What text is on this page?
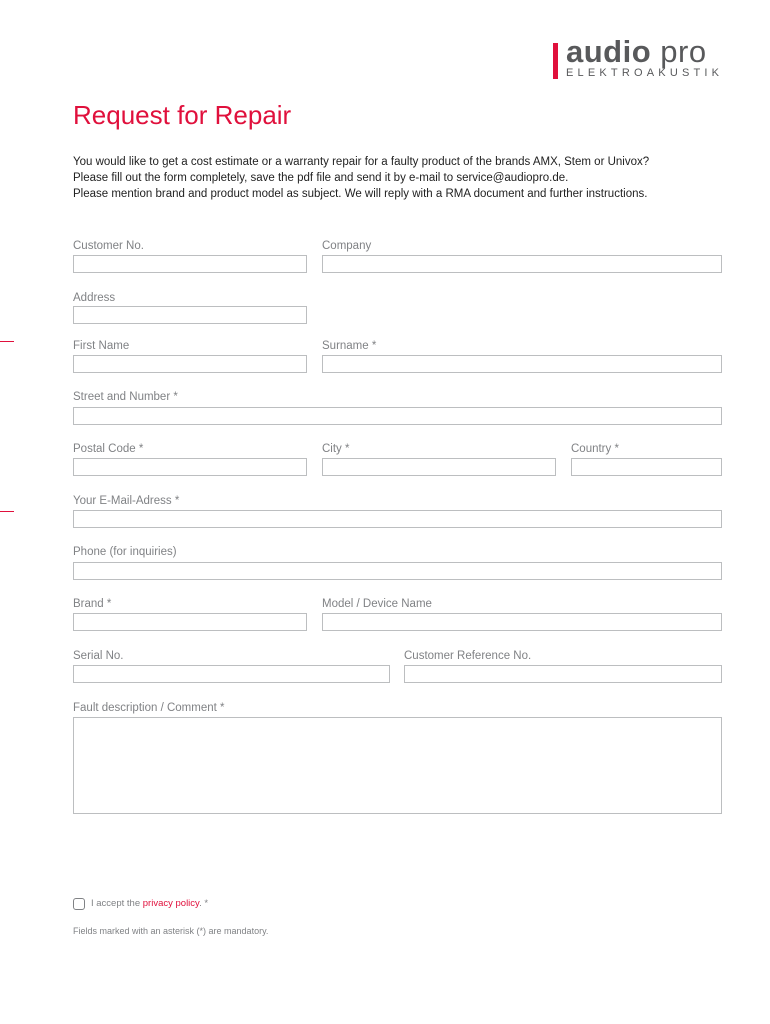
audio pro
ELEKTROAKUSTIK
Request for Repair
You would like to get a cost estimate or a warranty repair for a faulty product of the brands AMX, Stem or Univox?
Please fill out the form completely, save the pdf file and send it by e-mail to service@audiopro.de.
Please mention brand and product model as subject. We will reply with a RMA document and further instructions.
Customer No.	Company
Address
First Name	Surname *
Street and Number *
Postal Code *	City *	Country *
Your E-Mail-Adress *
Phone (for inquiries)
Brand *	Model / Device Name
Serial No.	Customer Reference No.
Fault description / Comment *
I accept the privacy policy. *
Fields marked with an asterisk (*) are mandatory.
